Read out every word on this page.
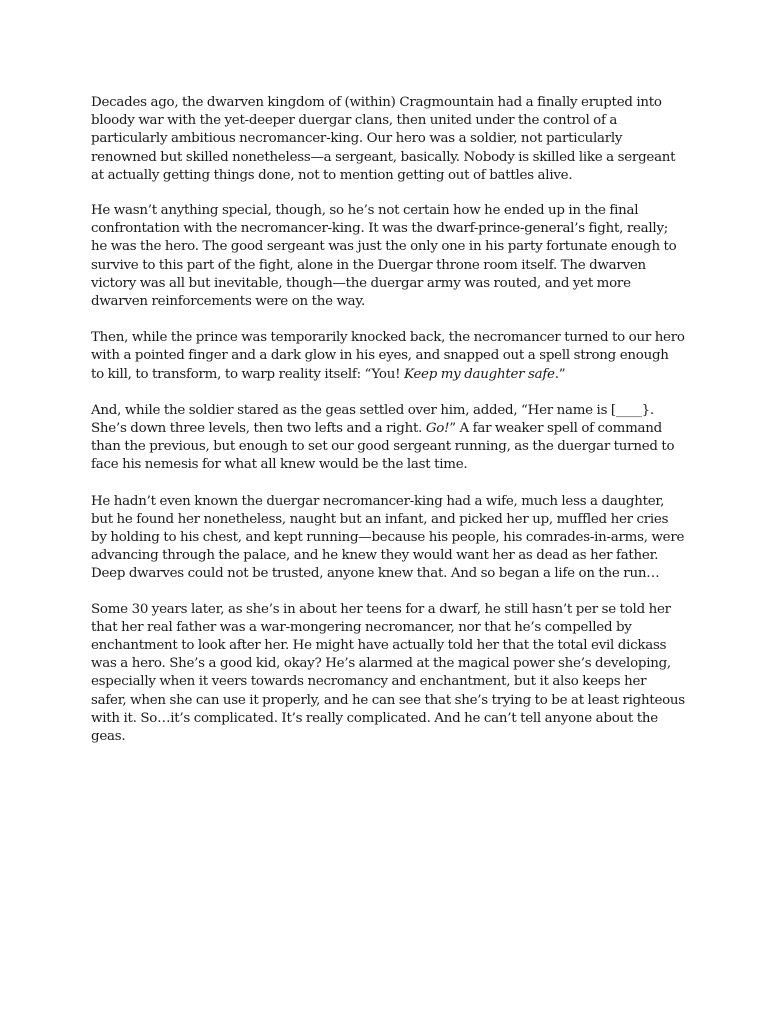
Decades ago, the dwarven kingdom of (within) Cragmountain had a finally erupted into bloody war with the yet-deeper duergar clans, then united under the control of a particularly ambitious necromancer-king. Our hero was a soldier, not particularly renowned but skilled nonetheless—a sergeant, basically. Nobody is skilled like a sergeant at actually getting things done, not to mention getting out of battles alive.

He wasn’t anything special, though, so he’s not certain how he ended up in the final confrontation with the necromancer-king. It was the dwarf-prince-general’s fight, really; he was the hero. The good sergeant was just the only one in his party fortunate enough to survive to this part of the fight, alone in the Duergar throne room itself. The dwarven victory was all but inevitable, though—the duergar army was routed, and yet more dwarven reinforcements were on the way.

Then, while the prince was temporarily knocked back, the necromancer turned to our hero with a pointed finger and a dark glow in his eyes, and snapped out a spell strong enough to kill, to transform, to warp reality itself: “You! Keep my daughter safe.”

And, while the soldier stared as the geas settled over him, added, “Her name is [____}. She’s down three levels, then two lefts and a right. Go!” A far weaker spell of command than the previous, but enough to set our good sergeant running, as the duergar turned to face his nemesis for what all knew would be the last time.

He hadn’t even known the duergar necromancer-king had a wife, much less a daughter, but he found her nonetheless, naught but an infant, and picked her up, muffled her cries by holding to his chest, and kept running—because his people, his comrades-in-arms, were advancing through the palace, and he knew they would want her as dead as her father. Deep dwarves could not be trusted, anyone knew that. And so began a life on the run…

Some 30 years later, as she’s in about her teens for a dwarf, he still hasn’t per se told her that her real father was a war-mongering necromancer, nor that he’s compelled by enchantment to look after her. He might have actually told her that the total evil dickass was a hero. She’s a good kid, okay? He’s alarmed at the magical power she’s developing, especially when it veers towards necromancy and enchantment, but it also keeps her safer, when she can use it properly, and he can see that she’s trying to be at least righteous with it. So…it’s complicated. It’s really complicated. And he can’t tell anyone about the geas.
